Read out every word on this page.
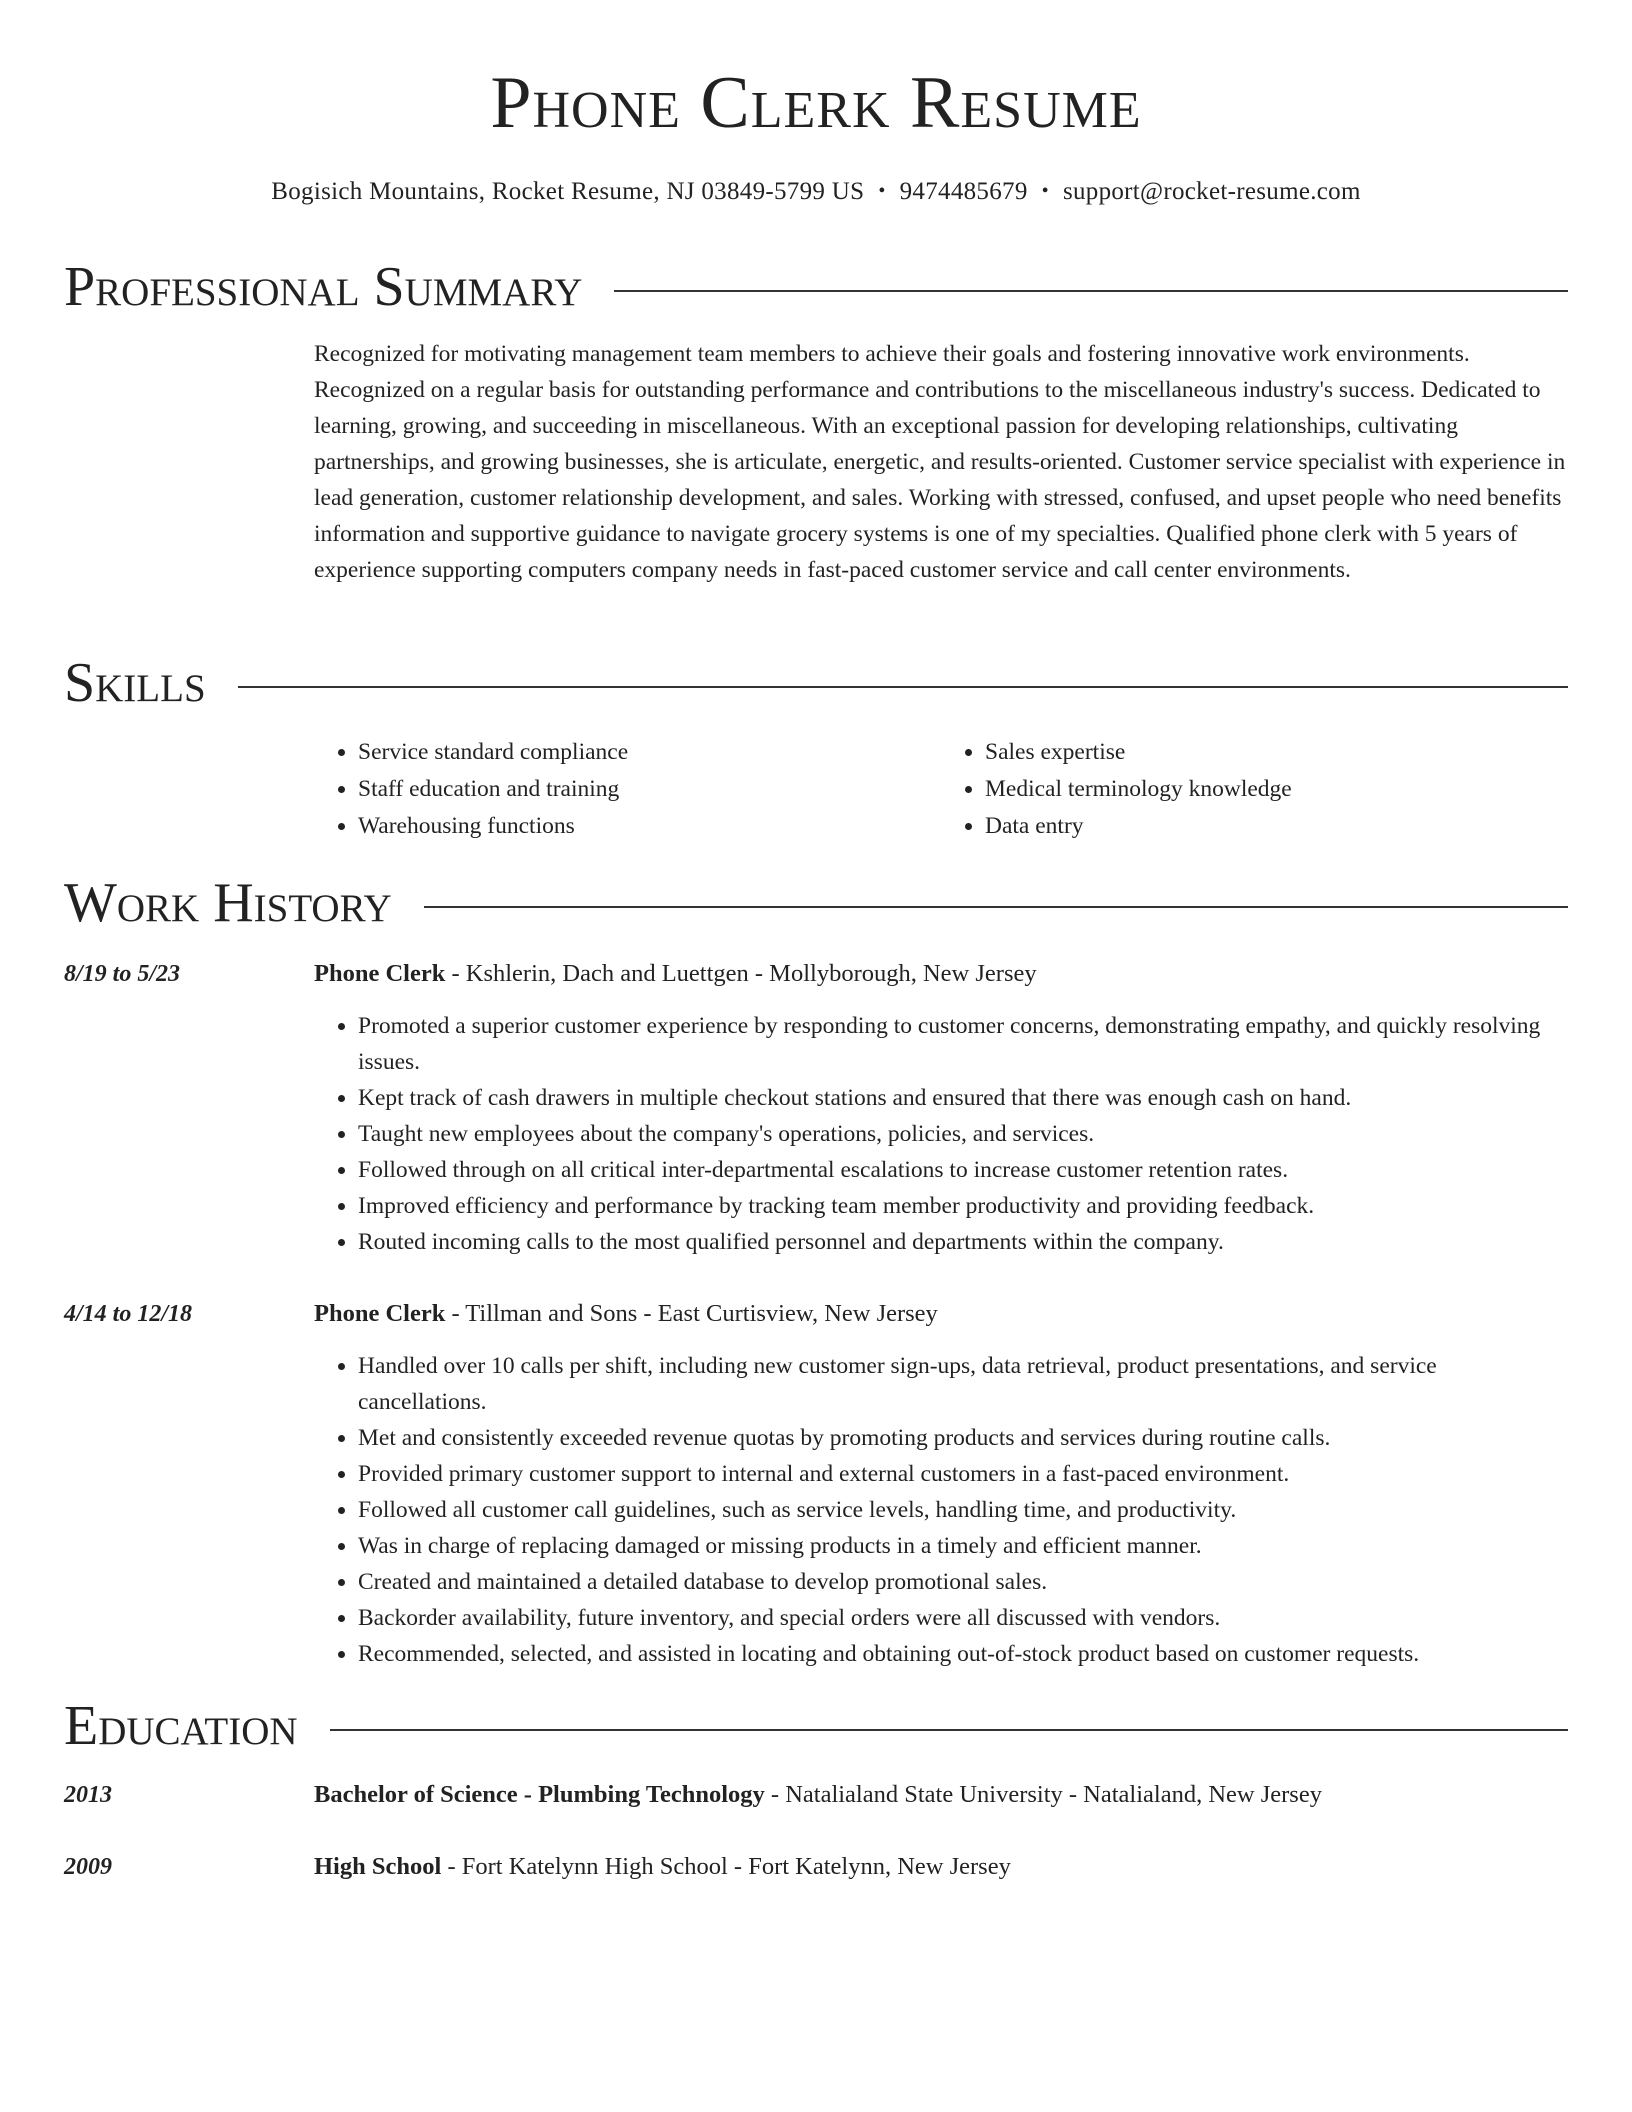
Phone Clerk Resume
Bogisich Mountains, Rocket Resume, NJ 03849-5799 US • 9474485679 • support@rocket-resume.com
Professional Summary
Recognized for motivating management team members to achieve their goals and fostering innovative work environments. Recognized on a regular basis for outstanding performance and contributions to the miscellaneous industry's success. Dedicated to learning, growing, and succeeding in miscellaneous. With an exceptional passion for developing relationships, cultivating partnerships, and growing businesses, she is articulate, energetic, and results-oriented. Customer service specialist with experience in lead generation, customer relationship development, and sales. Working with stressed, confused, and upset people who need benefits information and supportive guidance to navigate grocery systems is one of my specialties. Qualified phone clerk with 5 years of experience supporting computers company needs in fast-paced customer service and call center environments.
Skills
• Service standard compliance
• Staff education and training
• Warehousing functions
• Sales expertise
• Medical terminology knowledge
• Data entry
Work History
8/19 to 5/23	Phone Clerk - Kshlerin, Dach and Luettgen - Mollyborough, New Jersey
• Promoted a superior customer experience by responding to customer concerns, demonstrating empathy, and quickly resolving issues.
• Kept track of cash drawers in multiple checkout stations and ensured that there was enough cash on hand.
• Taught new employees about the company's operations, policies, and services.
• Followed through on all critical inter-departmental escalations to increase customer retention rates.
• Improved efficiency and performance by tracking team member productivity and providing feedback.
• Routed incoming calls to the most qualified personnel and departments within the company.
4/14 to 12/18	Phone Clerk - Tillman and Sons - East Curtisview, New Jersey
• Handled over 10 calls per shift, including new customer sign-ups, data retrieval, product presentations, and service cancellations.
• Met and consistently exceeded revenue quotas by promoting products and services during routine calls.
• Provided primary customer support to internal and external customers in a fast-paced environment.
• Followed all customer call guidelines, such as service levels, handling time, and productivity.
• Was in charge of replacing damaged or missing products in a timely and efficient manner.
• Created and maintained a detailed database to develop promotional sales.
• Backorder availability, future inventory, and special orders were all discussed with vendors.
• Recommended, selected, and assisted in locating and obtaining out-of-stock product based on customer requests.
Education
2013	Bachelor of Science - Plumbing Technology - Natalialand State University - Natalialand, New Jersey
2009	High School - Fort Katelynn High School - Fort Katelynn, New Jersey
